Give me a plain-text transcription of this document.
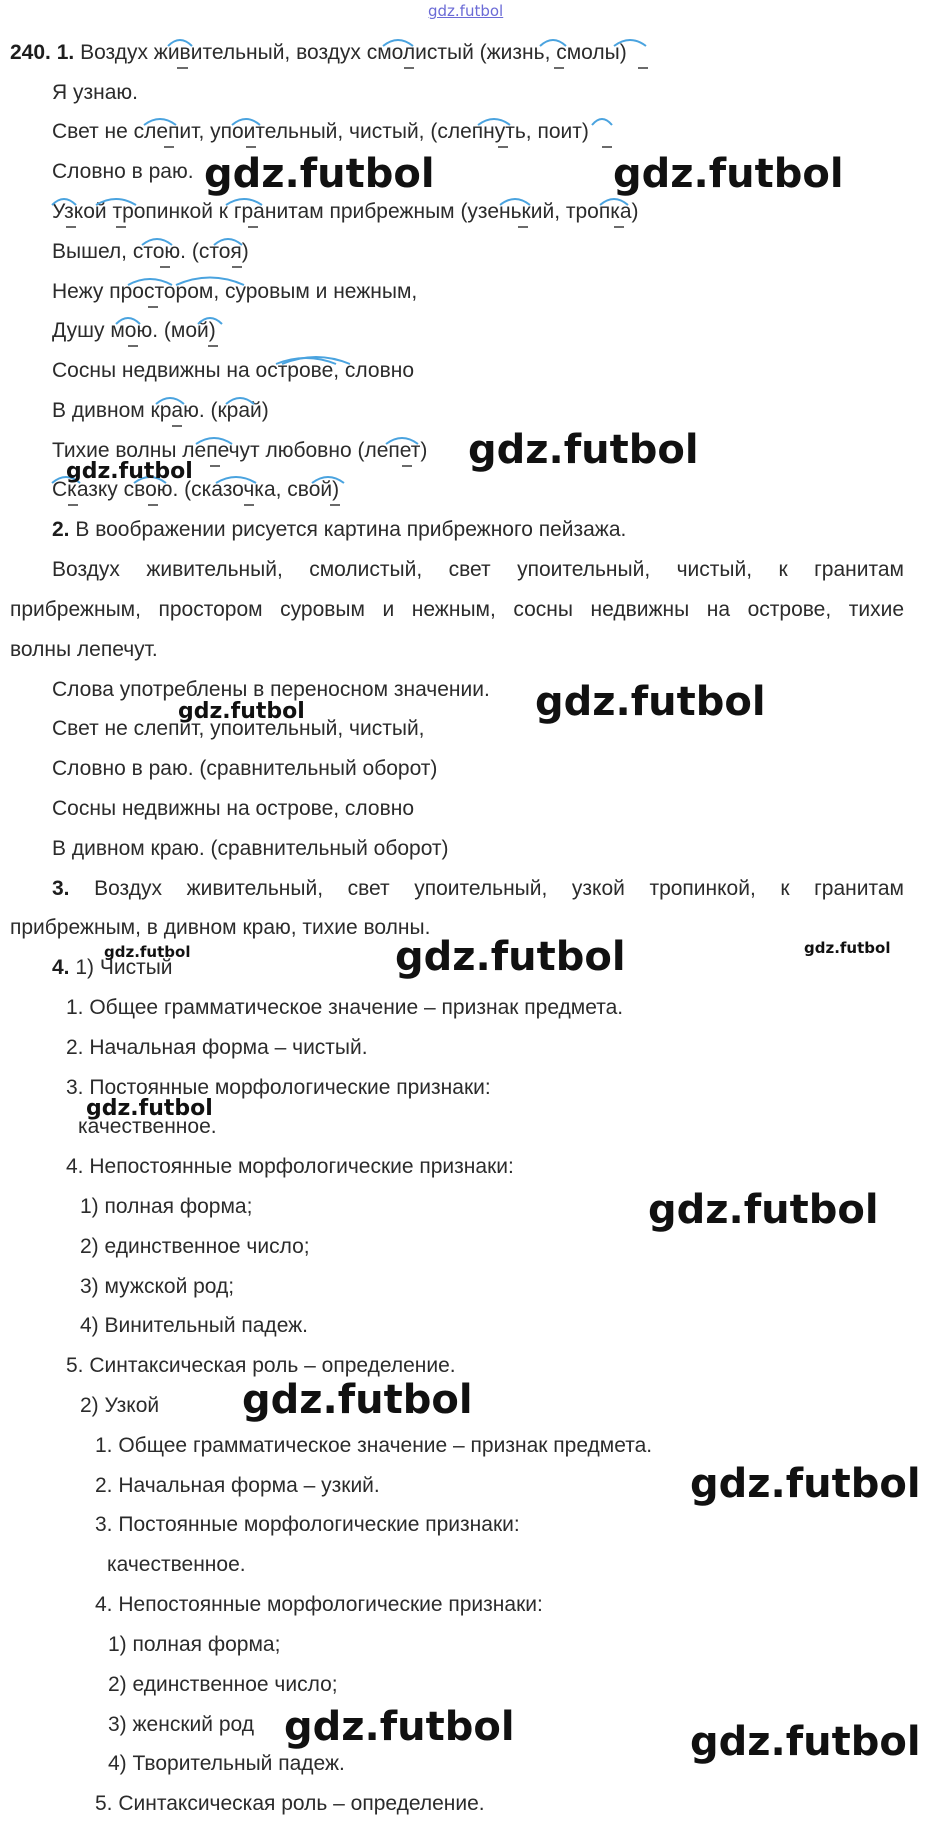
gdz.futbol
240. 1. Воздух живительный, воздух смолистый (жизнь, смолы)
Я узнаю.
Свет не слепит, упоительный, чистый, (слепнуть, поит)
Словно в раю.
Узкой тропинкой к гранитам прибрежным (узенький, тропка)
Вышел, стою. (стоя)
Нежу простором, суровым и нежным,
Душу мою. (мой)
Сосны недвижны на острове, словно
В дивном краю. (край)
Тихие волны лепечут любовно (лепет)
Сказку свою. (сказочка, свой)
2. В воображении рисуется картина прибрежного пейзажа.
Воздух живительный, смолистый, свет упоительный, чистый, к гранитам
прибрежным, простором суровым и нежным, сосны недвижны на острове, тихие
волны лепечут.
Слова употреблены в переносном значении.
Свет не слепит, упоительный, чистый,
Словно в раю. (сравнительный оборот)
Сосны недвижны на острове, словно
В дивном краю. (сравнительный оборот)
3. Воздух живительный, свет упоительный, узкой тропинкой, к гранитам
прибрежным, в дивном краю, тихие волны.
4. 1) Чистый
1. Общее грамматическое значение – признак предмета.
2. Начальная форма – чистый.
3. Постоянные морфологические признаки:
качественное.
4. Непостоянные морфологические признаки:
1) полная форма;
2) единственное число;
3) мужской род;
4) Винительный падеж.
5. Синтаксическая роль – определение.
2) Узкой
1. Общее грамматическое значение – признак предмета.
2. Начальная форма – узкий.
3. Постоянные морфологические признаки:
качественное.
4. Непостоянные морфологические признаки:
1) полная форма;
2) единственное число;
3) женский род
4) Творительный падеж.
5. Синтаксическая роль – определение.
gdz.futbol	gdz.futbol
gdz.futbol	gdz.futbol
gdz.futbol	gdz.futbol
gdz.futbol	gdz.futbol	gdz.futbol
gdz.futbol
gdz.futbol
gdz.futbol
gdz.futbol
gdz.futbol	gdz.futbol
